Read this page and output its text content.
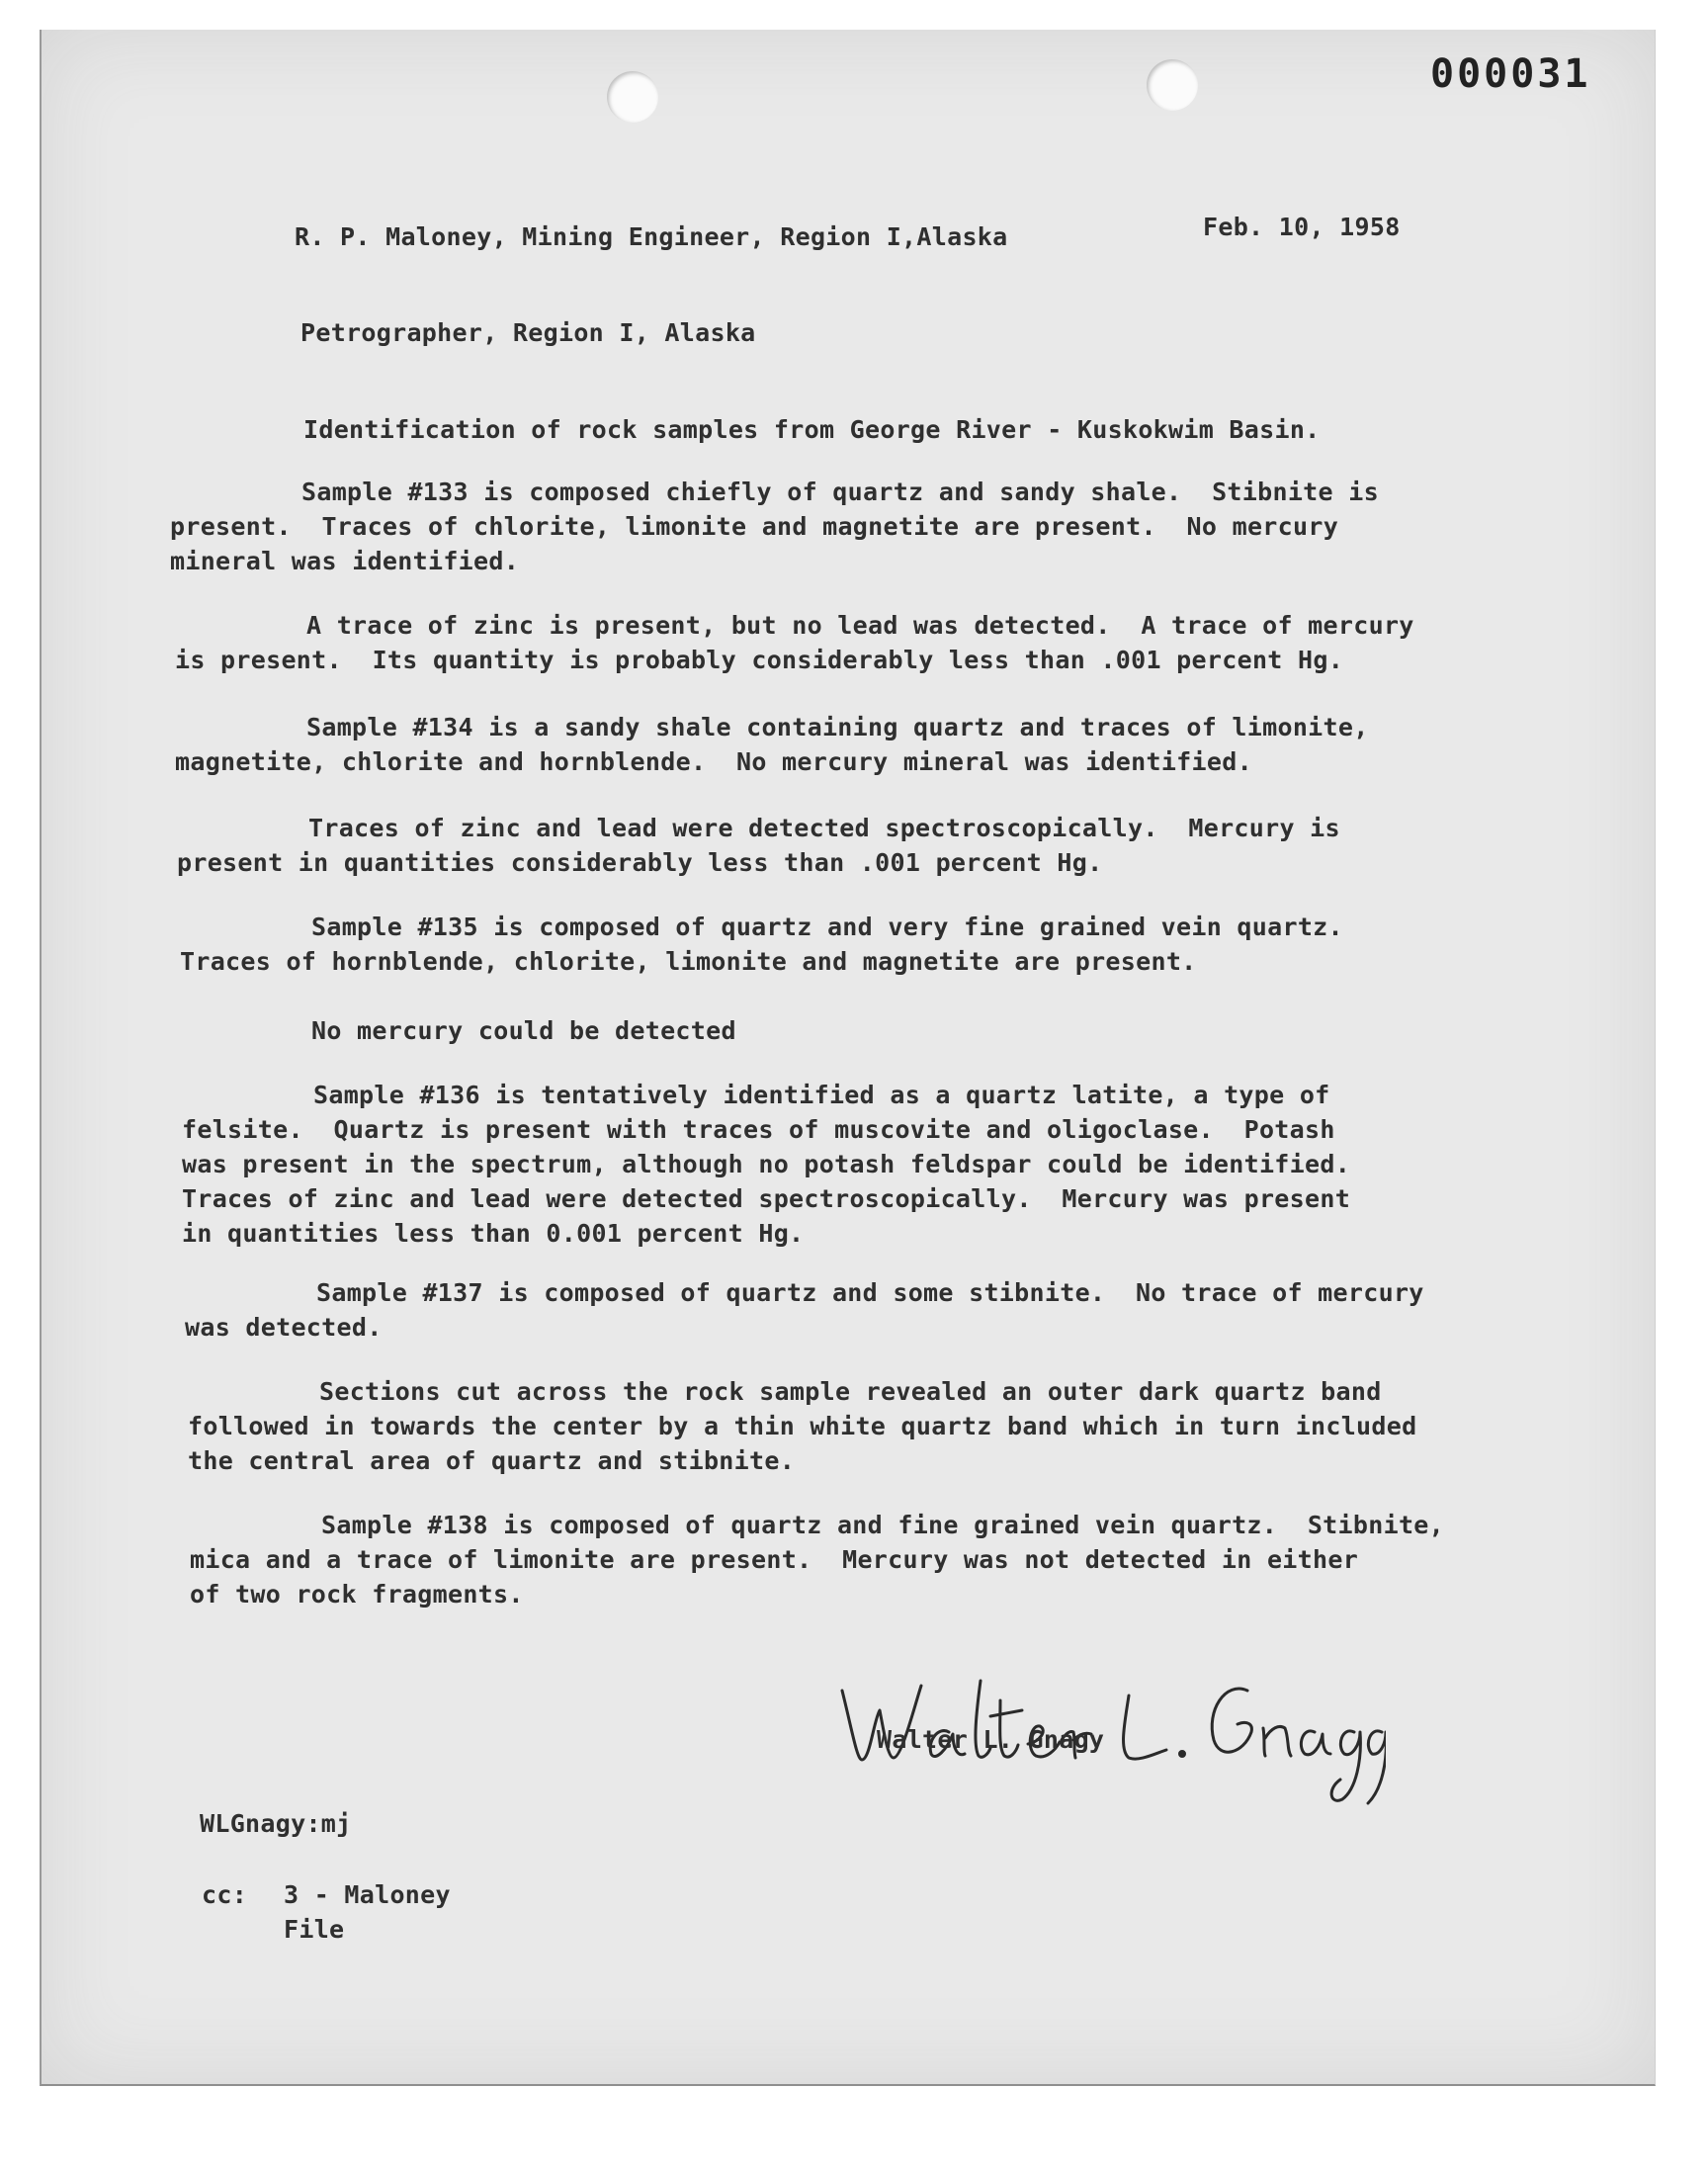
000031
R. P. Maloney, Mining Engineer, Region I,Alaska	Feb. 10, 1958
Petrographer, Region I, Alaska
Identification of rock samples from George River - Kuskokwim Basin.
Sample #133 is composed chiefly of quartz and sandy shale.  Stibnite is
present.  Traces of chlorite, limonite and magnetite are present.  No mercury
mineral was identified.
A trace of zinc is present, but no lead was detected.  A trace of mercury
is present.  Its quantity is probably considerably less than .001 percent Hg.
Sample #134 is a sandy shale containing quartz and traces of limonite,
magnetite, chlorite and hornblende.  No mercury mineral was identified.
Traces of zinc and lead were detected spectroscopically.  Mercury is
present in quantities considerably less than .001 percent Hg.
Sample #135 is composed of quartz and very fine grained vein quartz.
Traces of hornblende, chlorite, limonite and magnetite are present.
No mercury could be detected
Sample #136 is tentatively identified as a quartz latite, a type of
felsite.  Quartz is present with traces of muscovite and oligoclase.  Potash
was present in the spectrum, although no potash feldspar could be identified.
Traces of zinc and lead were detected spectroscopically.  Mercury was present
in quantities less than 0.001 percent Hg.
Sample #137 is composed of quartz and some stibnite.  No trace of mercury
was detected.
Sections cut across the rock sample revealed an outer dark quartz band
followed in towards the center by a thin white quartz band which in turn included
the central area of quartz and stibnite.
Sample #138 is composed of quartz and fine grained vein quartz.  Stibnite,
mica and a trace of limonite are present.  Mercury was not detected in either
of two rock fragments.
Walter L. Gnagy
WLGnagy:mj
cc: 3 - Maloney
File
